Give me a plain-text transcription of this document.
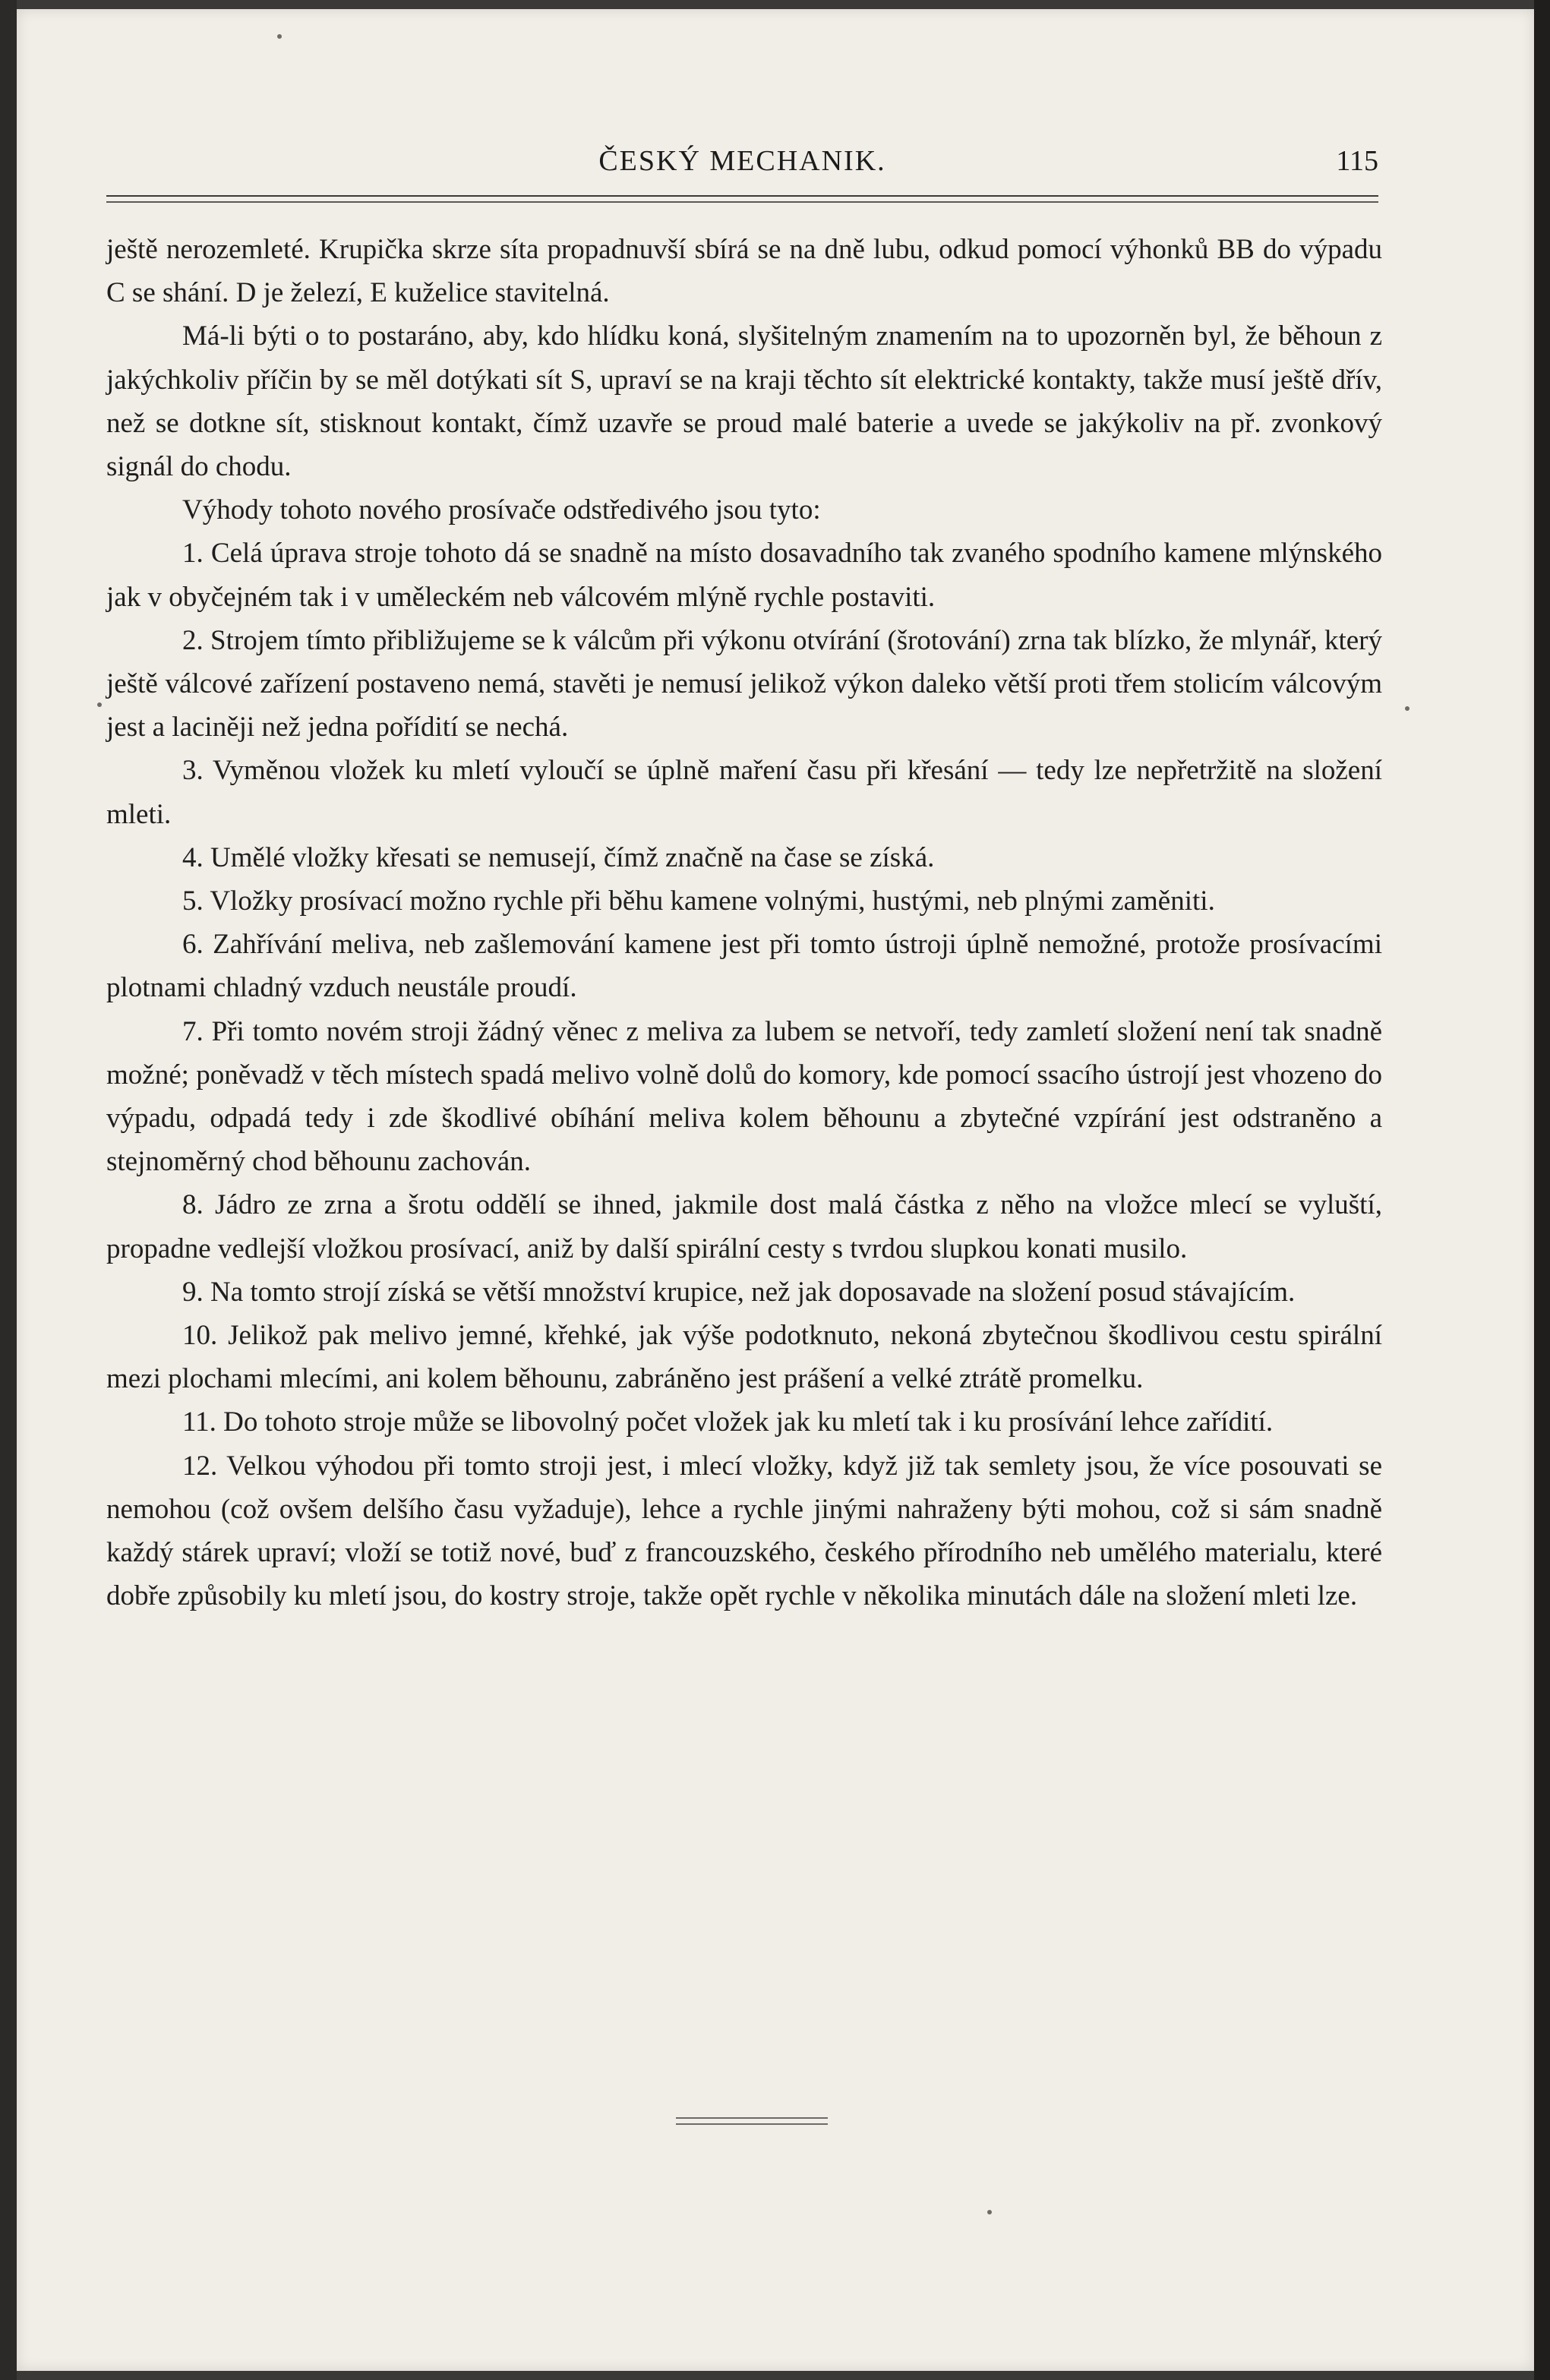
ČESKÝ MECHANIK.	115

ještě nerozemleté. Krupička skrze síta propadnuvší sbírá se na dně lubu, odkud pomocí výhonků BB do výpadu C se shání. D je železí, E kuželice stavitelná.

Má-li býti o to postaráno, aby, kdo hlídku koná, slyšitelným znamením na to upozorněn byl, že běhoun z jakýchkoliv příčin by se měl dotýkati sít S, upraví se na kraji těchto sít elektrické kontakty, takže musí ještě dřív, než se dotkne sít, stisknout kontakt, čímž uzavře se proud malé baterie a uvede se jakýkoliv na př. zvonkový signál do chodu.

Výhody tohoto nového prosívače odstředivého jsou tyto:

1. Celá úprava stroje tohoto dá se snadně na místo dosavadního tak zvaného spodního kamene mlýnského jak v obyčejném tak i v uměleckém neb válcovém mlýně rychle postaviti.

2. Strojem tímto přibližujeme se k válcům při výkonu otvírání (šrotování) zrna tak blízko, že mlynář, který ještě válcové zařízení postaveno nemá, stavěti je nemusí jelikož výkon daleko větší proti třem stolicím válcovým jest a laciněji než jedna pořídití se nechá.

3. Vyměnou vložek ku mletí vyloučí se úplně maření času při křesání — tedy lze nepřetržitě na složení mleti.

4. Umělé vložky křesati se nemusejí, čímž značně na čase se získá.

5. Vložky prosívací možno rychle při běhu kamene volnými, hustými, neb plnými zaměniti.

6. Zahřívání meliva, neb zašlemování kamene jest při tomto ústroji úplně nemožné, protože prosívacími plotnami chladný vzduch neustále proudí.

7. Při tomto novém stroji žádný věnec z meliva za lubem se netvoří, tedy zamletí složení není tak snadně možné; poněvadž v těch místech spadá melivo volně dolů do komory, kde pomocí ssacího ústrojí jest vhozeno do výpadu, odpadá tedy i zde škodlivé obíhání meliva kolem běhounu a zbytečné vzpírání jest odstraněno a stejnoměrný chod běhounu zachován.

8. Jádro ze zrna a šrotu oddělí se ihned, jakmile dost malá částka z něho na vložce mlecí se vyluští, propadne vedlejší vložkou prosívací, aniž by další spirální cesty s tvrdou slupkou konati musilo.

9. Na tomto strojí získá se větší množství krupice, než jak doposavade na složení posud stávajícím.

10. Jelikož pak melivo jemné, křehké, jak výše podotknuto, nekoná zbytečnou škodlivou cestu spirální mezi plochami mlecími, ani kolem běhounu, zabráněno jest prášení a velké ztrátě promelku.

11. Do tohoto stroje může se libovolný počet vložek jak ku mletí tak i ku prosívání lehce zařídití.

12. Velkou výhodou při tomto stroji jest, i mlecí vložky, když již tak semlety jsou, že více posouvati se nemohou (což ovšem delšího času vyžaduje), lehce a rychle jinými nahraženy býti mohou, což si sám snadně každý stárek upraví; vloží se totiž nové, buď z francouzského, českého přírodního neb umělého materialu, které dobře způsobily ku mletí jsou, do kostry stroje, takže opět rychle v několika minutách dále na složení mleti lze.
